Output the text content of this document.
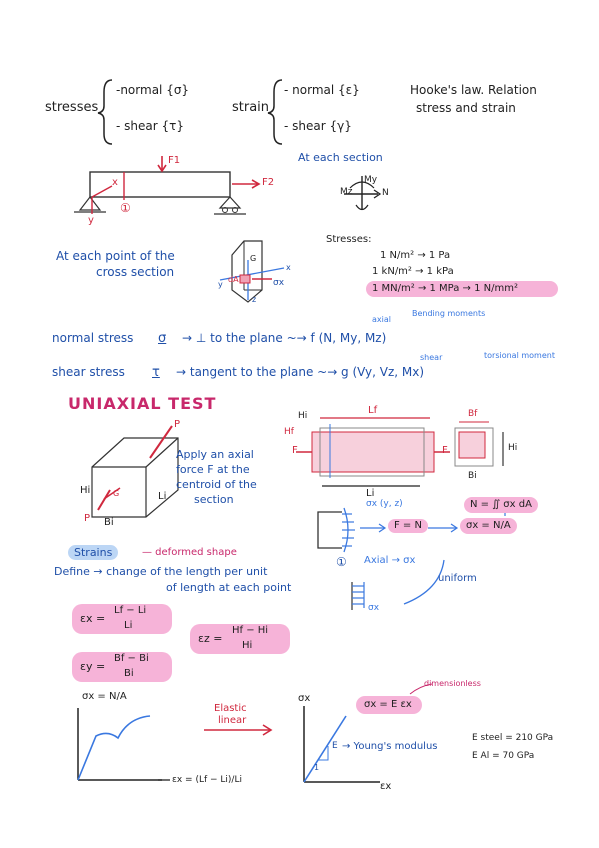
stresses
-normal {σ}
- shear {τ}
strain
- normal {ε}
- shear {γ}
Hooke's law. Relation
stress and strain
F1
F2
x
y
①
At each section
Mz
My
N
At each point of the
cross section
G
dA	σx
z
y
x
Stresses:
1 N/m² → 1 Pa
1 kN/m² → 1 kPa
1 MN/m² → 1 MPa → 1 N/mm²
axial
Bending moments
normal stress σ → ⊥ to the plane ~→ f (N, My, Mz)
shear	torsional moment
shear stress τ → tangent to the plane ~→ g (Vy, Vz, Mx)
UNIAXIAL TEST
Apply an axial
force F at the
centroid of the
section
P
P
Hi
Bi
Li
G
Lf
Hf
Hi
F	F
Li
Bf
Bi
Hi
σx (y, z)	N = ∬ σx dA
F = N	σx = N/A
Axial → σx
uniform
σx
①
Strains	— deformed shape
Define → change of the length per unit
of length at each point
εx =
Lf − Li
Li
εz =
Hf − Hi
Hi
εy =
Bf − Bi
Bi
σx = N/A
εx = (Lf − Li)/Li
Elastic
linear
σx
εx
E → Young's modulus
1
E steel = 210 GPa
E Al = 70 GPa
dimensionless
σx = E εx
